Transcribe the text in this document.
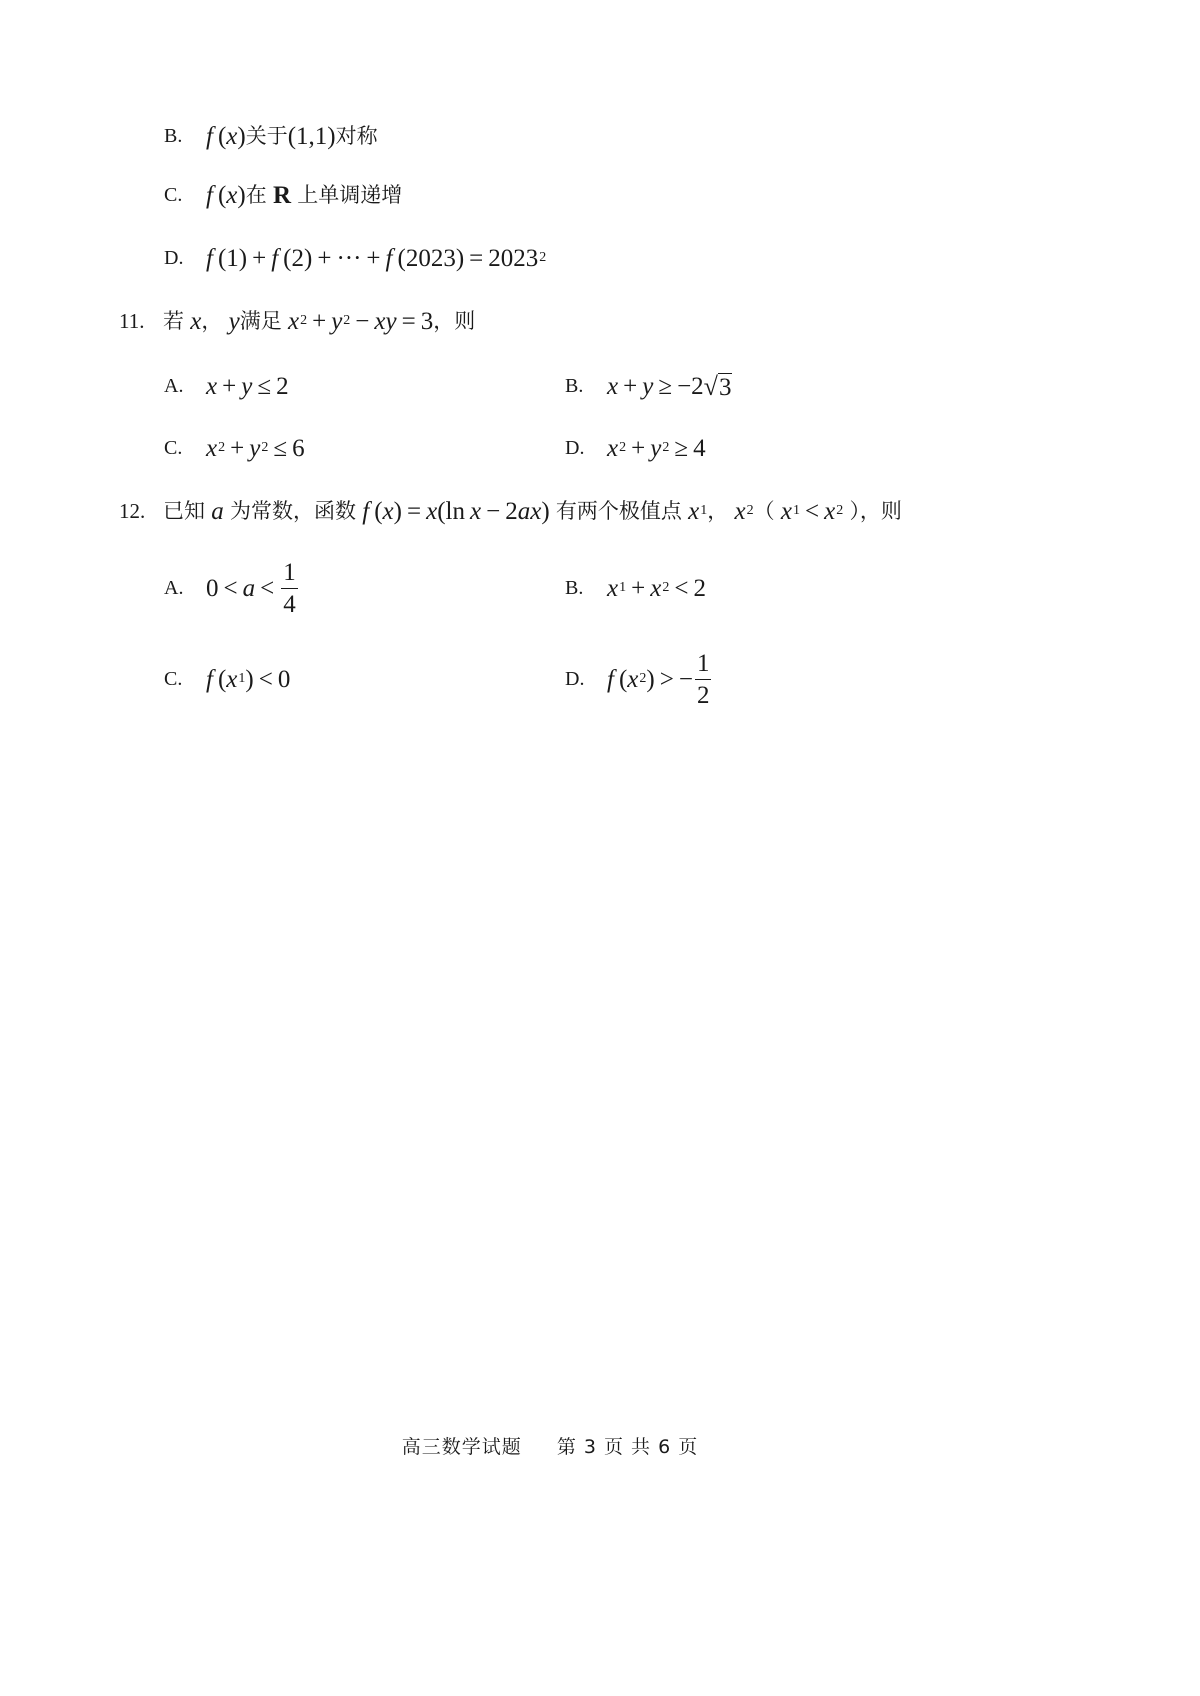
B. f  ( x ) 关于 (1,1) 对称
C. f  ( x ) 在
R
上单调递增
D. f  (1) + f  (2) + ··· + f  (2023) = 2023 2
11. 若
x ，
y 满足
x 2 + y 2 − xy = 3 ，则
A. x + y ≤ 2	B. x + y ≥ −2 √ 3
C. x 2 + y 2 ≤ 6	D. x 2 + y 2 ≥ 4
12. 已知
a
为常数，函数
f  ( x ) = x (ln  x − 2 ax ) 有两个极值点
x 1 ，
x 2 （
x 1 < x 2
），则
A. $0 < a < \frac{1}{4}$	B. x 1 + x 2 < 2
C. f  ( x 1 ) < 0	D. f  ( x 2 ) > − $\frac{1}{2}$
高三数学试题 第 3 页 共 6 页
